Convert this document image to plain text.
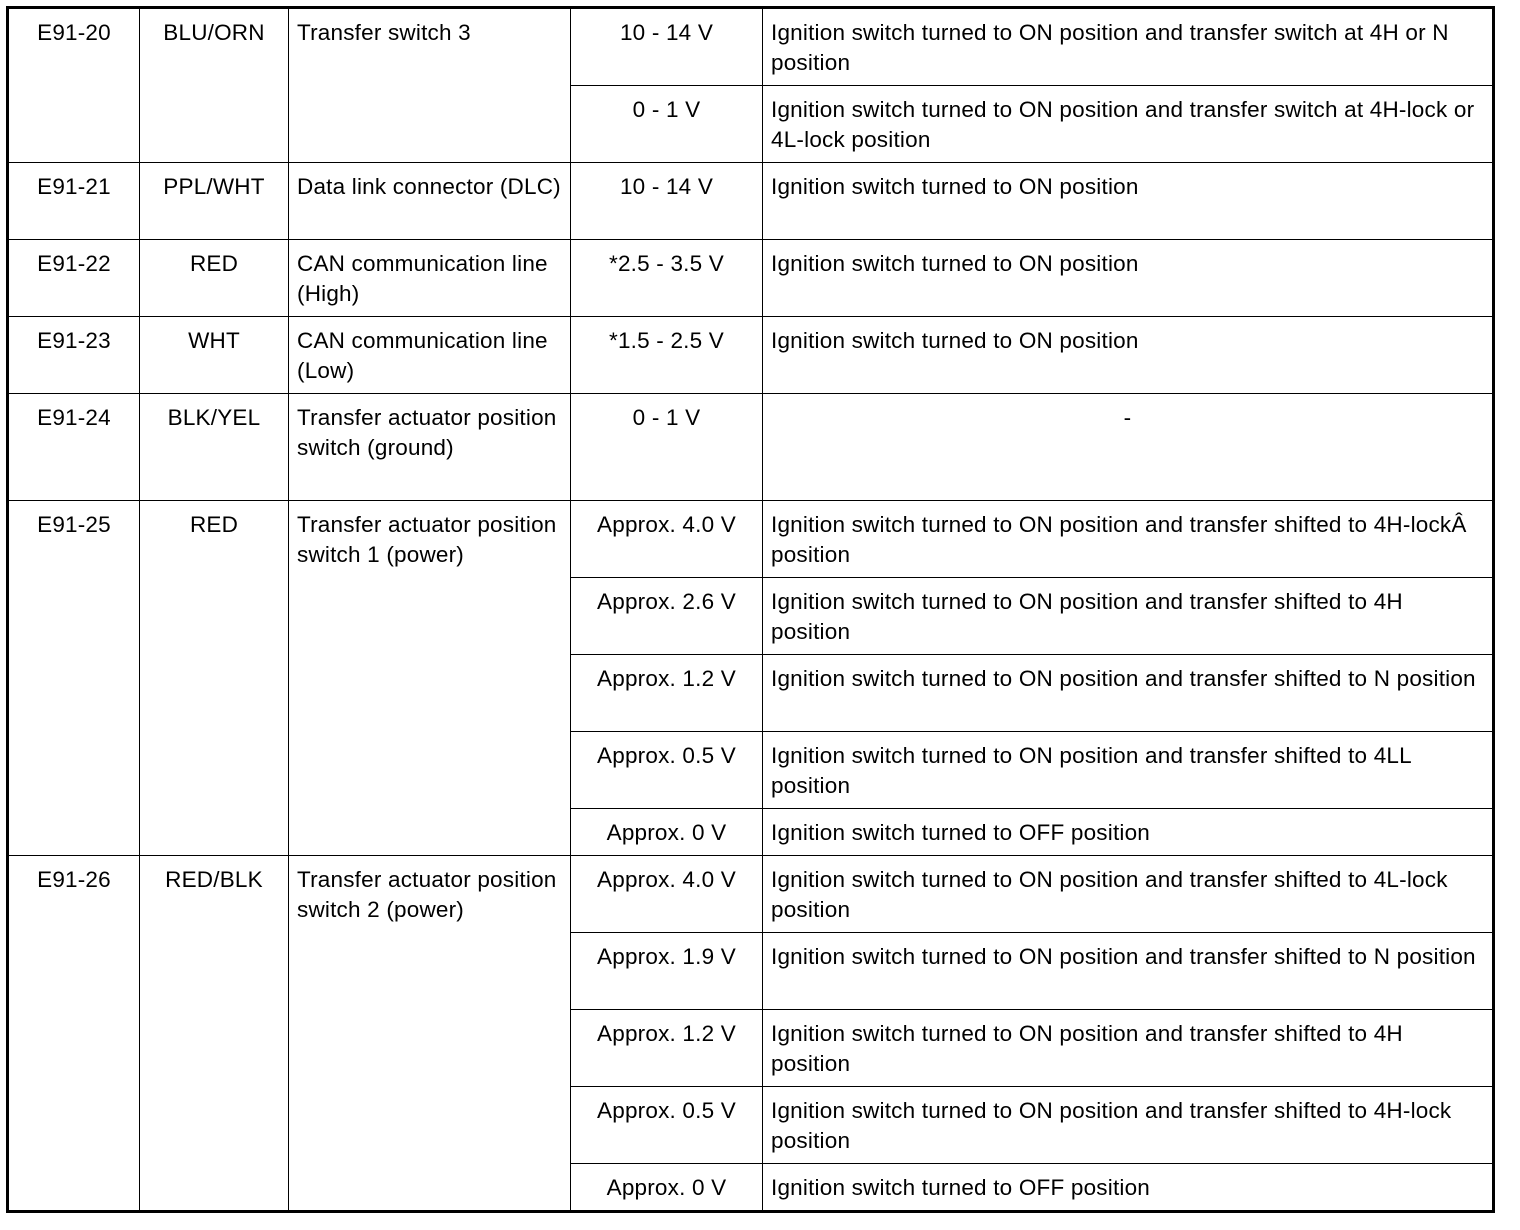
E91-20	BLU/ORN	Transfer switch 3	10 - 14 V	Ignition switch turned to ON position and transfer switch at 4H or N position
			0 - 1 V	Ignition switch turned to ON position and transfer switch at 4H-lock or 4L-lock position
E91-21	PPL/WHT	Data link connector (DLC)	10 - 14 V	Ignition switch turned to ON position
E91-22	RED	CAN communication line (High)	*2.5 - 3.5 V	Ignition switch turned to ON position
E91-23	WHT	CAN communication line (Low)	*1.5 - 2.5 V	Ignition switch turned to ON position
E91-24	BLK/YEL	Transfer actuator position switch (ground)	0 - 1 V	-
E91-25	RED	Transfer actuator position switch 1 (power)	Approx. 4.0 V	Ignition switch turned to ON position and transfer shifted to 4H-lockÂ position
			Approx. 2.6 V	Ignition switch turned to ON position and transfer shifted to 4H position
			Approx. 1.2 V	Ignition switch turned to ON position and transfer shifted to N position
			Approx. 0.5 V	Ignition switch turned to ON position and transfer shifted to 4LL position
			Approx. 0 V	Ignition switch turned to OFF position
E91-26	RED/BLK	Transfer actuator position switch 2 (power)	Approx. 4.0 V	Ignition switch turned to ON position and transfer shifted to 4L-lock position
			Approx. 1.9 V	Ignition switch turned to ON position and transfer shifted to N position
			Approx. 1.2 V	Ignition switch turned to ON position and transfer shifted to 4H position
			Approx. 0.5 V	Ignition switch turned to ON position and transfer shifted to 4H-lock position
			Approx. 0 V	Ignition switch turned to OFF position
